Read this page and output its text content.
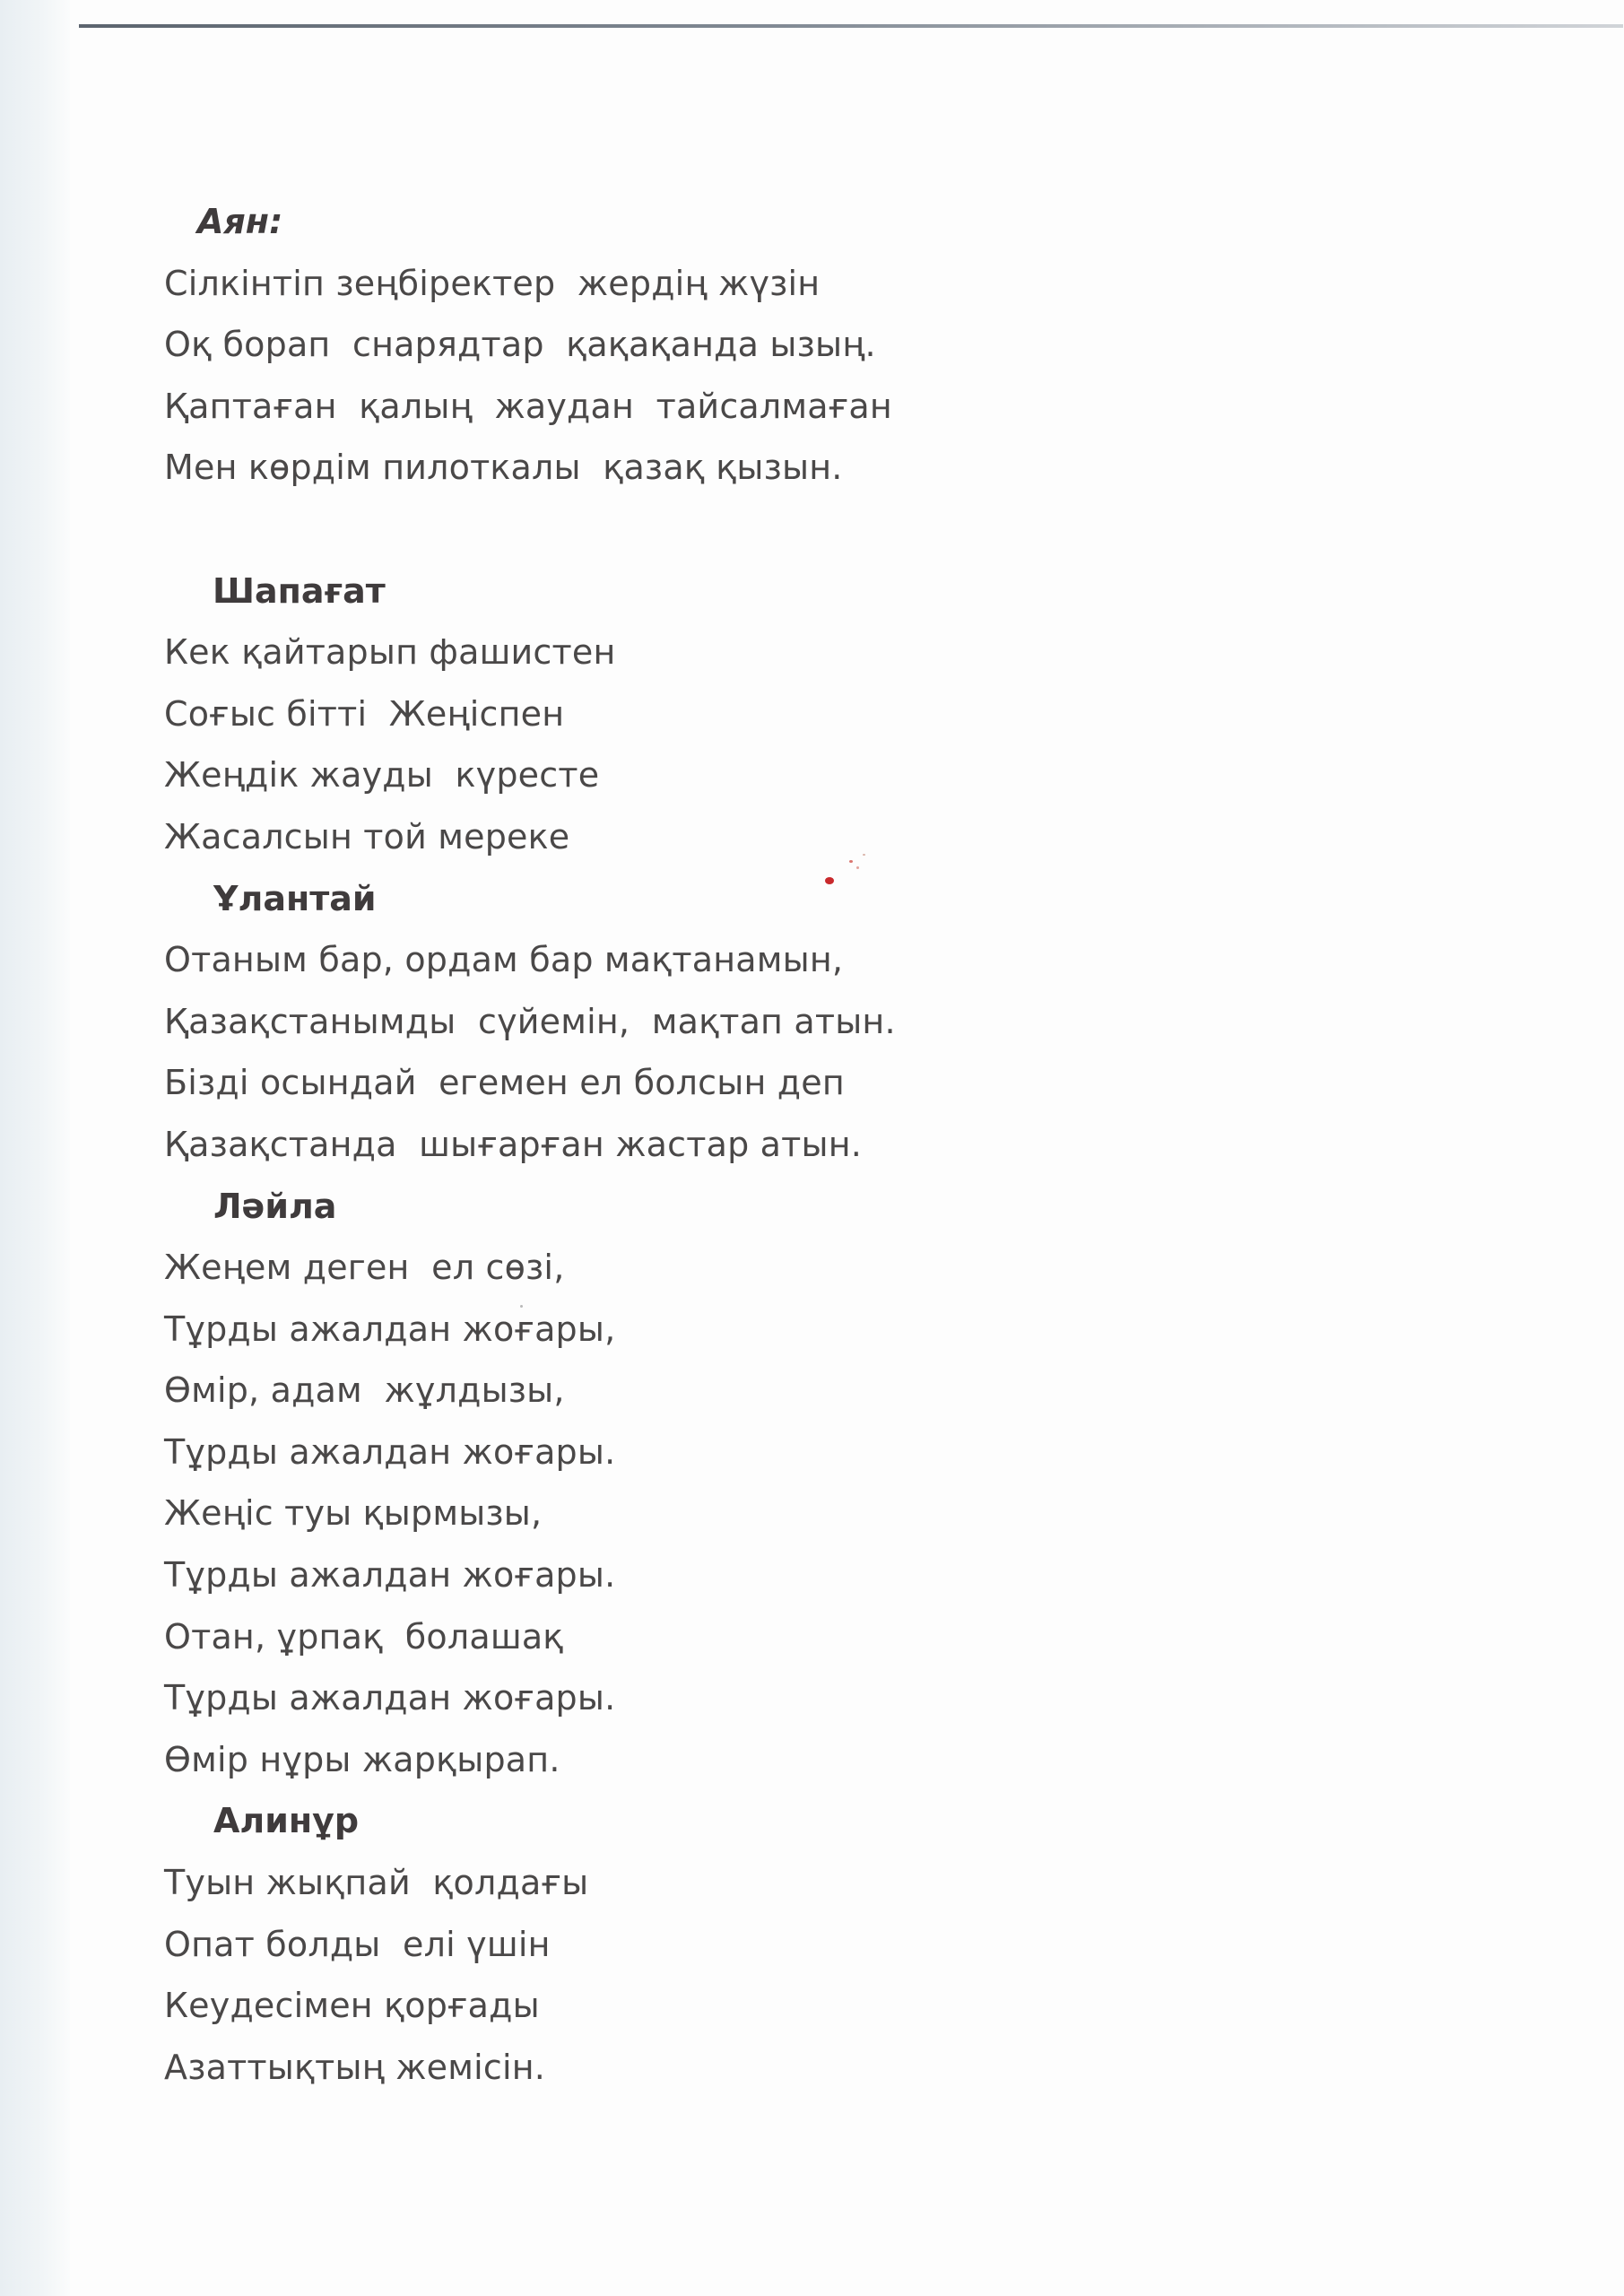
Аян:
Сілкінтіп зеңбіректер  жердің жүзін
Оқ борап  снарядтар  қақақанда ызың.
Қаптаған  қалың  жаудан  тайсалмаған
Мен көрдім пилоткалы  қазақ қызын.
Шапағат
Кек қайтарып фашистен
Соғыс бітті  Жеңіспен
Жеңдік жауды  күресте
Жасалсын той мереке
Ұлантай
Отаным бар, ордам бар мақтанамын,
Қазақстанымды  сүйемін,  мақтап атын.
Бізді осындай  егемен ел болсын деп
Қазақстанда  шығарған жастар атын.
Ләйла
Жеңем деген  ел сөзі,
Тұрды ажалдан жоғары,
Өмір, адам  жұлдызы,
Тұрды ажалдан жоғары.
Жеңіс туы қырмызы,
Тұрды ажалдан жоғары.
Отан, ұрпақ  болашақ
Тұрды ажалдан жоғары.
Өмір нұры жарқырап.
Алинұр
Туын жықпай  қолдағы
Опат болды  елі үшін
Кеудесімен қорғады
Азаттықтың жемісін.
